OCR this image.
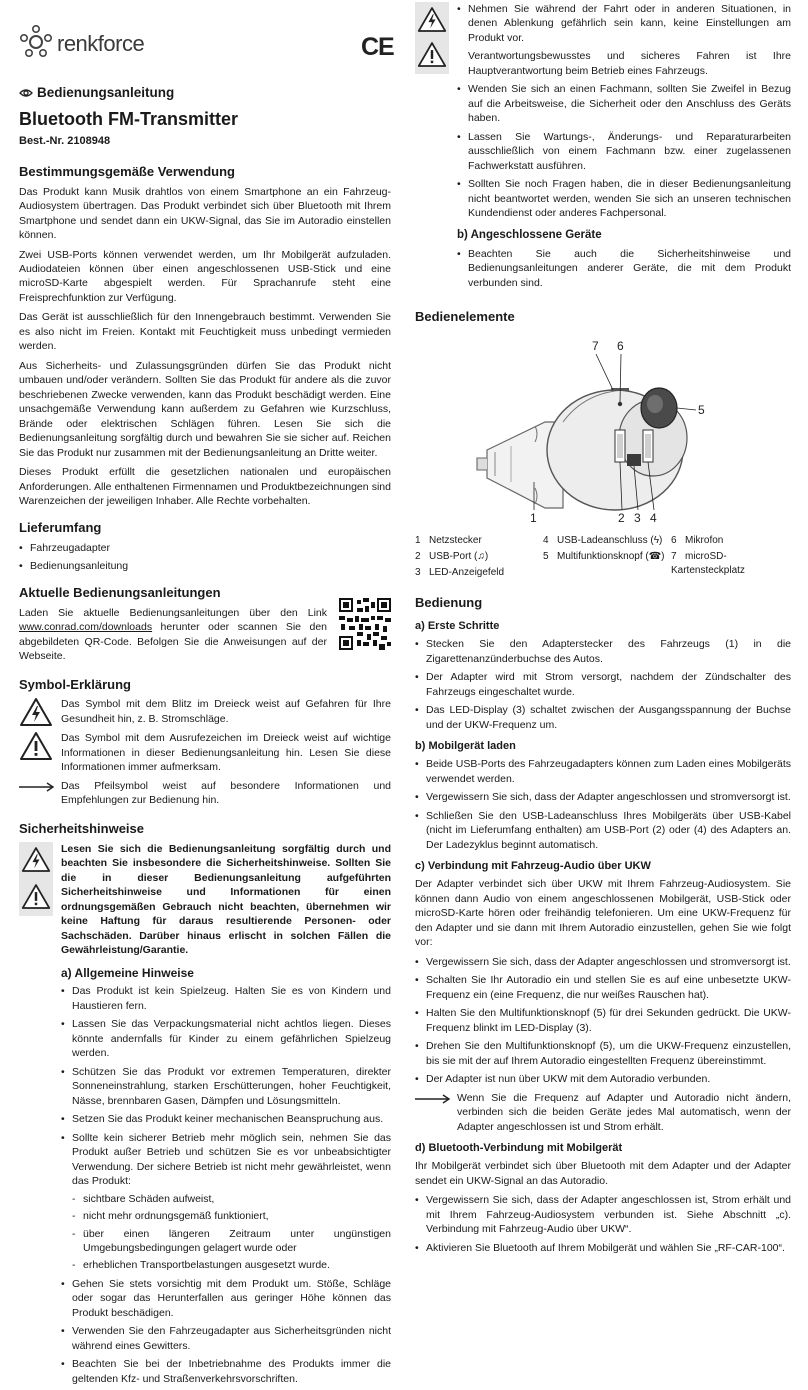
renkforce	CE
Bedienungsanleitung
Bluetooth FM-Transmitter
Best.-Nr. 2108948
Bestimmungsgemäße Verwendung

Das Produkt kann Musik drahtlos von einem Smartphone an ein Fahrzeug-Audiosystem übertragen. Das Produkt verbindet sich über Bluetooth mit Ihrem Smartphone und sendet dann ein UKW-Signal, das Sie im Autoradio einstellen können.

Zwei USB-Ports können verwendet werden, um Ihr Mobilgerät aufzuladen. Audiodateien können über einen angeschlossenen USB-Stick und eine microSD-Karte abgespielt werden. Für Sprachanrufe steht eine Freisprechfunktion zur Verfügung.

Das Gerät ist ausschließlich für den Innengebrauch bestimmt. Verwenden Sie es also nicht im Freien. Kontakt mit Feuchtigkeit muss unbedingt vermieden werden.

Aus Sicherheits- und Zulassungsgründen dürfen Sie das Produkt nicht umbauen und/oder verändern. Sollten Sie das Produkt für andere als die zuvor beschriebenen Zwecke verwenden, kann das Produkt beschädigt werden. Eine unsachgemäße Verwendung kann außerdem zu Gefahren wie Kurzschluss, Brände oder elektrischen Schlägen führen. Lesen Sie sich die Bedienungsanleitung sorgfältig durch und bewahren Sie sie sicher auf. Reichen Sie das Produkt nur zusammen mit der Bedienungsanleitung an Dritte weiter.

Dieses Produkt erfüllt die gesetzlichen nationalen und europäischen Anforderungen. Alle enthaltenen Firmennamen und Produktbezeichnungen sind Warenzeichen der jeweiligen Inhaber. Alle Rechte vorbehalten.

Lieferumfang
• Fahrzeugadapter
• Bedienungsanleitung
Aktuelle Bedienungsanleitungen

Laden Sie aktuelle Bedienungsanleitungen über den Link www.conrad.com/downloads herunter oder scannen Sie den abgebildeten QR-Code. Befolgen Sie die Anweisungen auf der Webseite.

Symbol-Erklärung

Das Symbol mit dem Blitz im Dreieck weist auf Gefahren für Ihre Gesundheit hin, z. B. Stromschläge.

Das Symbol mit dem Ausrufezeichen im Dreieck weist auf wichtige Informationen in dieser Bedienungsanleitung hin. Lesen Sie diese Informationen immer aufmerksam.

Das Pfeilsymbol weist auf besondere Informationen und Empfehlungen zur Bedienung hin.

Sicherheitshinweise

Lesen Sie sich die Bedienungsanleitung sorgfältig durch und beachten Sie insbesondere die Sicherheitshinweise. Sollten Sie die in dieser Bedienungsanleitung aufgeführten Sicherheitshinweise und Informationen für einen ordnungsgemäßen Gebrauch nicht beachten, übernehmen wir keine Haftung für daraus resultierende Personen- oder Sachschäden. Darüber hinaus erlischt in solchen Fällen die Gewährleistung/Garantie.

a) Allgemeine Hinweise
• Das Produkt ist kein Spielzeug. Halten Sie es von Kindern und Haustieren fern.
• Lassen Sie das Verpackungsmaterial nicht achtlos liegen. Dieses könnte andernfalls für Kinder zu einem gefährlichen Spielzeug werden.
• Schützen Sie das Produkt vor extremen Temperaturen, direkter Sonneneinstrahlung, starken Erschütterungen, hoher Feuchtigkeit, Nässe, brennbaren Gasen, Dämpfen und Lösungsmitteln.
• Setzen Sie das Produkt keiner mechanischen Beanspruchung aus.
• Sollte kein sicherer Betrieb mehr möglich sein, nehmen Sie das Produkt außer Betrieb und schützen Sie es vor unbeabsichtigter Verwendung. Der sichere Betrieb ist nicht mehr gewährleistet, wenn das Produkt:
- sichtbare Schäden aufweist,
- nicht mehr ordnungsgemäß funktioniert,
- über einen längeren Zeitraum unter ungünstigen Umgebungsbedingungen gelagert wurde oder
- erheblichen Transportbelastungen ausgesetzt wurde.
• Gehen Sie stets vorsichtig mit dem Produkt um. Stöße, Schläge oder sogar das Herunterfallen aus geringer Höhe können das Produkt beschädigen.
• Verwenden Sie den Fahrzeugadapter aus Sicherheitsgründen nicht während eines Gewitters.
• Beachten Sie bei der Inbetriebnahme des Produkts immer die geltenden Kfz- und Straßenverkehrsvorschriften.
• Nehmen Sie während der Fahrt oder in anderen Situationen, in denen Ablenkung gefährlich sein kann, keine Einstellungen am Produkt vor.
Verantwortungsbewusstes und sicheres Fahren ist Ihre Hauptverantwortung beim Betrieb eines Fahrzeugs.
• Wenden Sie sich an einen Fachmann, sollten Sie Zweifel in Bezug auf die Arbeitsweise, die Sicherheit oder den Anschluss des Geräts haben.
• Lassen Sie Wartungs-, Änderungs- und Reparaturarbeiten ausschließlich von einem Fachmann bzw. einer zugelassenen Fachwerkstatt ausführen.
• Sollten Sie noch Fragen haben, die in dieser Bedienungsanleitung nicht beantwortet werden, wenden Sie sich an unseren technischen Kundendienst oder anderes Fachpersonal.
b) Angeschlossene Geräte
• Beachten Sie auch die Sicherheitshinweise und Bedienungsanleitungen anderer Geräte, die mit dem Produkt verbunden sind.
Bedienelemente
7 6
5
1	2 3 4
1 Netzstecker
2 USB-Port (♫)
3 LED-Anzeigefeld
4 USB-Ladeanschluss (ϟ)
5 Multifunktionsknopf (☎)
6 Mikrofon
7 microSD-Kartensteckplatz
Bedienung
a) Erste Schritte
• Stecken Sie den Adapterstecker des Fahrzeugs (1) in die Zigarettenanzünderbuchse des Autos.
• Der Adapter wird mit Strom versorgt, nachdem der Zündschalter des Fahrzeugs eingeschaltet wurde.
• Das LED-Display (3) schaltet zwischen der Ausgangsspannung der Buchse und der UKW-Frequenz um.
b) Mobilgerät laden
• Beide USB-Ports des Fahrzeugadapters können zum Laden eines Mobilgeräts verwendet werden.
• Vergewissern Sie sich, dass der Adapter angeschlossen und stromversorgt ist.
• Schließen Sie den USB-Ladeanschluss Ihres Mobilgeräts über USB-Kabel (nicht im Lieferumfang enthalten) am USB-Port (2) oder (4) des Adapters an. Der Ladezyklus beginnt automatisch.
c) Verbindung mit Fahrzeug-Audio über UKW

Der Adapter verbindet sich über UKW mit Ihrem Fahrzeug-Audiosystem. Sie können dann Audio von einem angeschlossenen Mobilgerät, USB-Stick oder microSD-Karte hören oder freihändig telefonieren. Um eine UKW-Frequenz für den Adapter und sie dann mit Ihrem Autoradio einzustellen, gehen Sie wie folgt vor:

• Vergewissern Sie sich, dass der Adapter angeschlossen und stromversorgt ist.
• Schalten Sie Ihr Autoradio ein und stellen Sie es auf eine unbesetzte UKW-Frequenz ein (eine Frequenz, die nur weißes Rauschen hat).
• Halten Sie den Multifunktionsknopf (5) für drei Sekunden gedrückt. Die UKW-Frequenz blinkt im LED-Display (3).
• Drehen Sie den Multifunktionsknopf (5), um die UKW-Frequenz einzustellen, bis sie mit der auf Ihrem Autoradio eingestellten Frequenz übereinstimmt.
• Der Adapter ist nun über UKW mit dem Autoradio verbunden.

Wenn Sie die Frequenz auf Adapter und Autoradio nicht ändern, verbinden sich die beiden Geräte jedes Mal automatisch, wenn der Adapter angeschlossen ist und Strom erhält.

d) Bluetooth-Verbindung mit Mobilgerät

Ihr Mobilgerät verbindet sich über Bluetooth mit dem Adapter und der Adapter sendet ein UKW-Signal an das Autoradio.

• Vergewissern Sie sich, dass der Adapter angeschlossen ist, Strom erhält und mit Ihrem Fahrzeug-Audiosystem verbunden ist. Siehe Abschnitt „c). Verbindung mit Fahrzeug-Audio über UKW“.
• Aktivieren Sie Bluetooth auf Ihrem Mobilgerät und wählen Sie „RF-CAR-100“.
